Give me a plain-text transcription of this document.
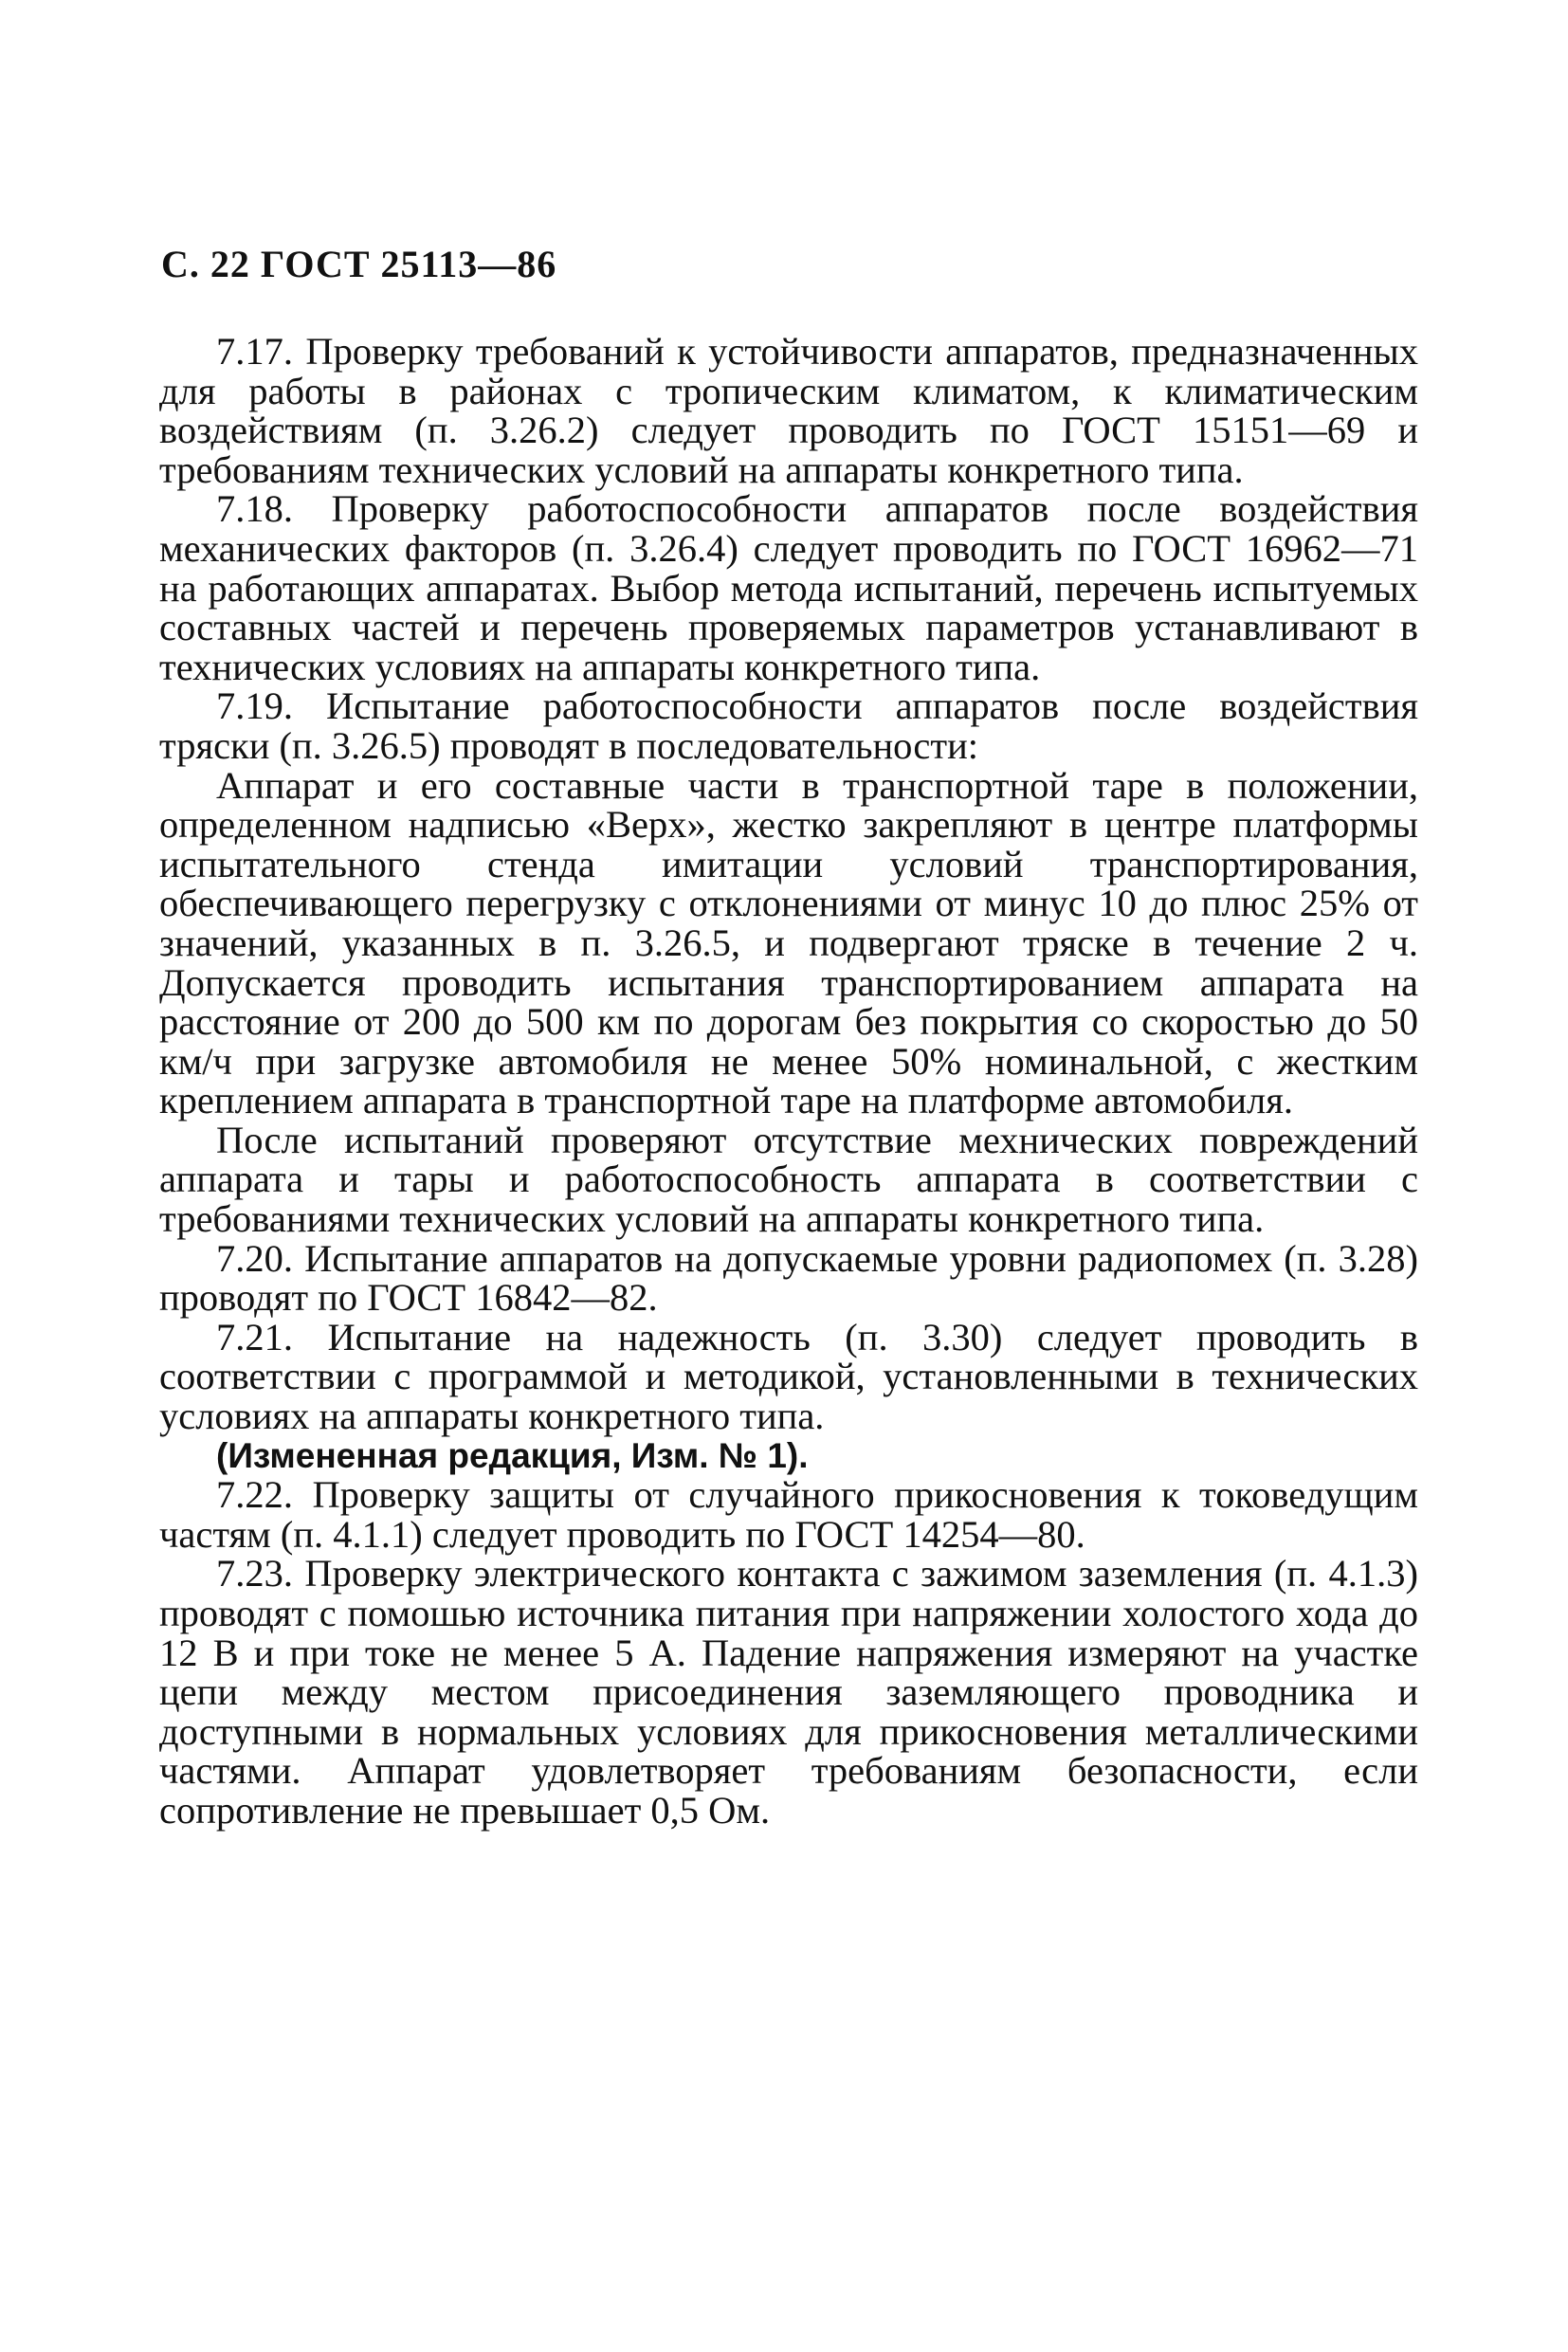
С. 22 ГОСТ 25113—86

7.17. Проверку требований к устойчивости аппаратов, предназначенных для работы в районах с тропическим климатом, к климатическим воздействиям (п. 3.26.2) следует проводить по ГОСТ 15151—69 и требованиям технических условий на аппараты конкретного типа.

7.18. Проверку работоспособности аппаратов после воздействия механических факторов (п. 3.26.4) следует проводить по ГОСТ 16962—71 на работающих аппаратах. Выбор метода испытаний, перечень испытуемых составных частей и перечень проверяемых параметров устанавливают в технических условиях на аппараты конкретного типа.

7.19. Испытание работоспособности аппаратов после воздействия тряски (п. 3.26.5) проводят в последовательности:

Аппарат и его составные части в транспортной таре в положении, определенном надписью «Верх», жестко закрепляют в центре платформы испытательного стенда имитации условий транспортирования, обеспечивающего перегрузку с отклонениями от минус 10 до плюс 25% от значений, указанных в п. 3.26.5, и подвергают тряске в течение 2 ч. Допускается проводить испытания транспортированием аппарата на расстояние от 200 до 500 км по дорогам без покрытия со скоростью до 50 км/ч при загрузке автомобиля не менее 50% номинальной, с жестким креплением аппарата в транспортной таре на платформе автомобиля.

После испытаний проверяют отсутствие мехнических повреждений аппарата и тары и работоспособность аппарата в соответствии с требованиями технических условий на аппараты конкретного типа.

7.20. Испытание аппаратов на допускаемые уровни радиопомех (п. 3.28) проводят по ГОСТ 16842—82.

7.21. Испытание на надежность (п. 3.30) следует проводить в соответствии с программой и методикой, установленными в технических условиях на аппараты конкретного типа.

(Измененная редакция, Изм. № 1).

7.22. Проверку защиты от случайного прикосновения к токоведущим частям (п. 4.1.1) следует проводить по ГОСТ 14254—80.

7.23. Проверку электрического контакта с зажимом заземления (п. 4.1.3) проводят с помошью источника питания при напряжении холостого хода до 12 В и при токе не менее 5 А. Падение напряжения измеряют на участке цепи между местом присоединения заземляющего проводника и доступными в нормальных условиях для прикосновения металлическими частями. Аппарат удовлетворяет требованиям безопасности, если сопротивление не превышает 0,5 Ом.
